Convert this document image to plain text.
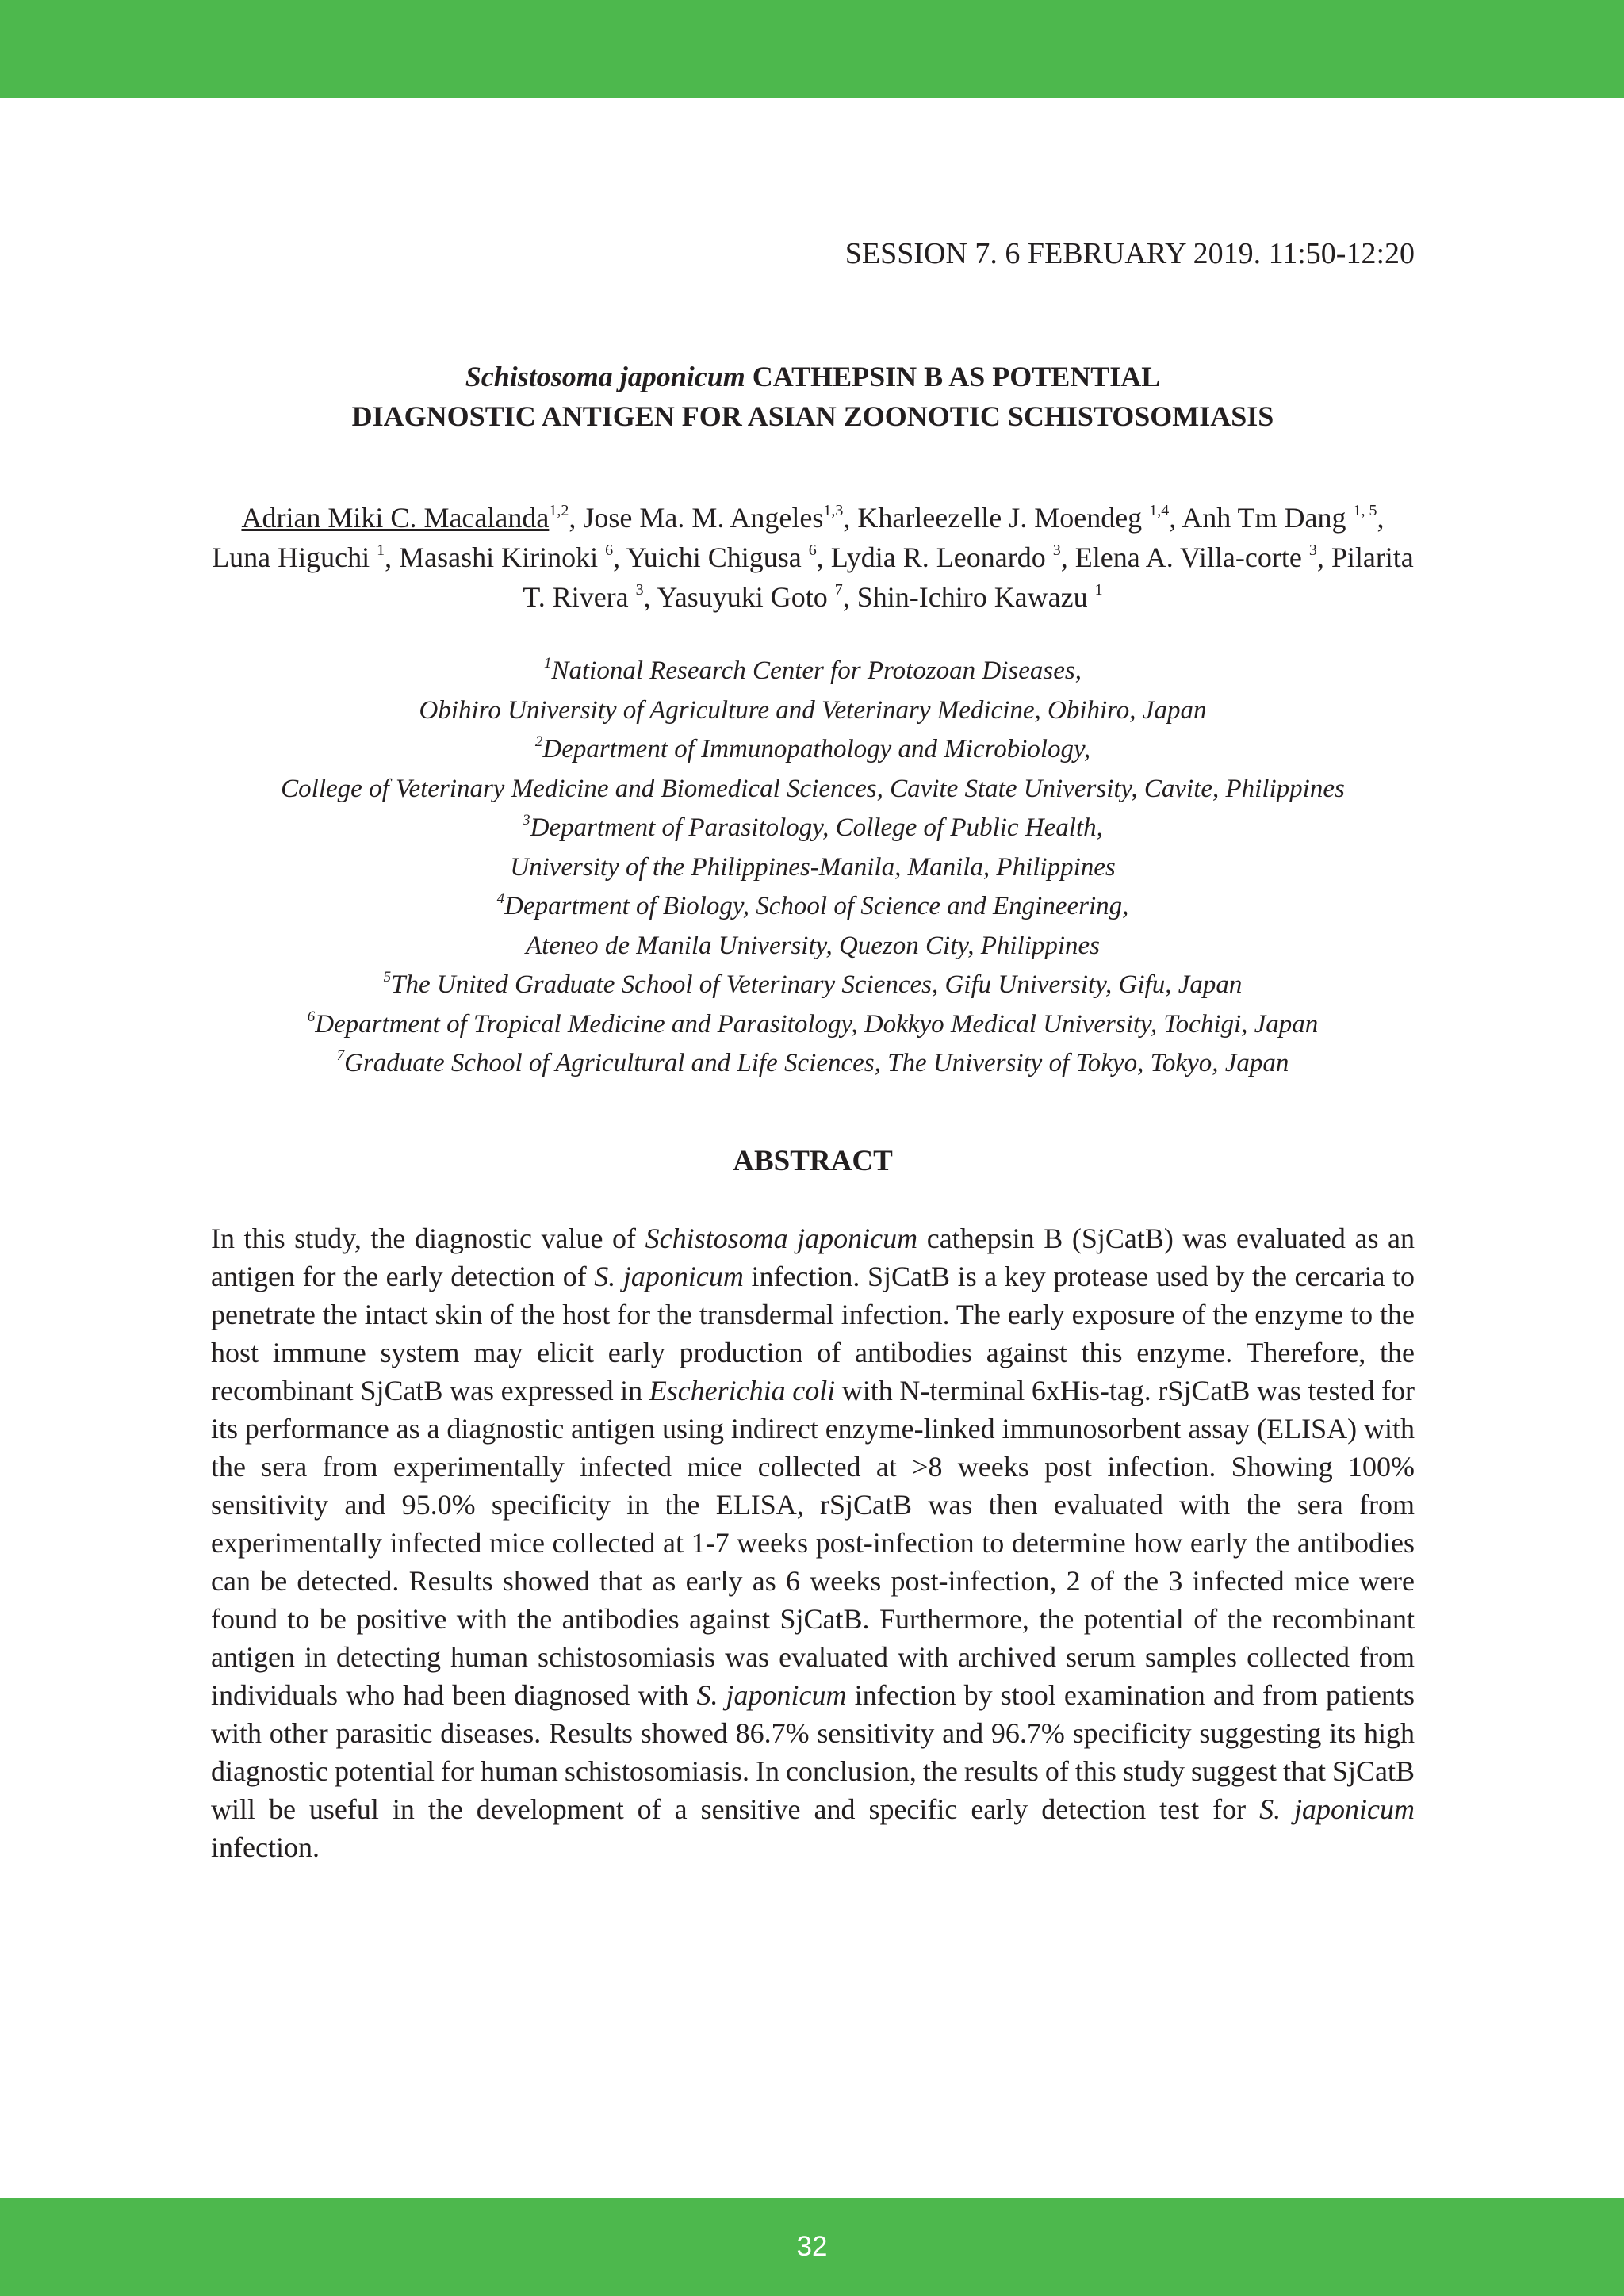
SESSION 7. 6 FEBRUARY 2019. 11:50-12:20
Schistosoma japonicum CATHEPSIN B AS POTENTIAL
DIAGNOSTIC ANTIGEN FOR ASIAN ZOONOTIC SCHISTOSOMIASIS
Adrian Miki C. Macalanda$^{1,2}$, Jose Ma. M. Angeles$^{1,3}$, Kharleezelle J. Moendeg $^{1,4}$, Anh Tm Dang $^{1, 5}$, Luna Higuchi $^1$, Masashi Kirinoki $^6$, Yuichi Chigusa $^6$, Lydia R. Leonardo $^3$, Elena A. Villa-corte $^3$, Pilarita T. Rivera $^3$, Yasuyuki Goto $^7$, Shin-Ichiro Kawazu $^1$
$^1$National Research Center for Protozoan Diseases,
Obihiro University of Agriculture and Veterinary Medicine, Obihiro, Japan
$^2$Department of Immunopathology and Microbiology,
College of Veterinary Medicine and Biomedical Sciences, Cavite State University, Cavite, Philippines
$^3$Department of Parasitology, College of Public Health,
University of the Philippines-Manila, Manila, Philippines
$^4$Department of Biology, School of Science and Engineering,
Ateneo de Manila University, Quezon City, Philippines
$^5$The United Graduate School of Veterinary Sciences, Gifu University, Gifu, Japan
$^6$Department of Tropical Medicine and Parasitology, Dokkyo Medical University, Tochigi, Japan
$^7$Graduate School of Agricultural and Life Sciences, The University of Tokyo, Tokyo, Japan
ABSTRACT
In this study, the diagnostic value of Schistosoma japonicum cathepsin B (SjCatB) was evaluated as an antigen for the early detection of S. japonicum infection. SjCatB is a key protease used by the cercaria to penetrate the intact skin of the host for the transdermal infection. The early exposure of the enzyme to the host immune system may elicit early production of antibodies against this enzyme. Therefore, the recombinant SjCatB was expressed in Escherichia coli with N-terminal 6xHis-tag. rSjCatB was tested for its performance as a diagnostic antigen using indirect enzyme-linked immunosorbent assay (ELISA) with the sera from experimentally infected mice collected at >8 weeks post infection. Showing 100% sensitivity and 95.0% specificity in the ELISA, rSjCatB was then evaluated with the sera from experimentally infected mice collected at 1-7 weeks post-infection to determine how early the antibodies can be detected. Results showed that as early as 6 weeks post-infection, 2 of the 3 infected mice were found to be positive with the antibodies against SjCatB. Furthermore, the potential of the recombinant antigen in detecting human schistosomiasis was evaluated with archived serum samples collected from individuals who had been diagnosed with S. japonicum infection by stool examination and from patients with other parasitic diseases. Results showed 86.7% sensitivity and 96.7% specificity suggesting its high diagnostic potential for human schistosomiasis. In conclusion, the results of this study suggest that SjCatB will be useful in the development of a sensitive and specific early detection test for S. japonicum infection.
32
